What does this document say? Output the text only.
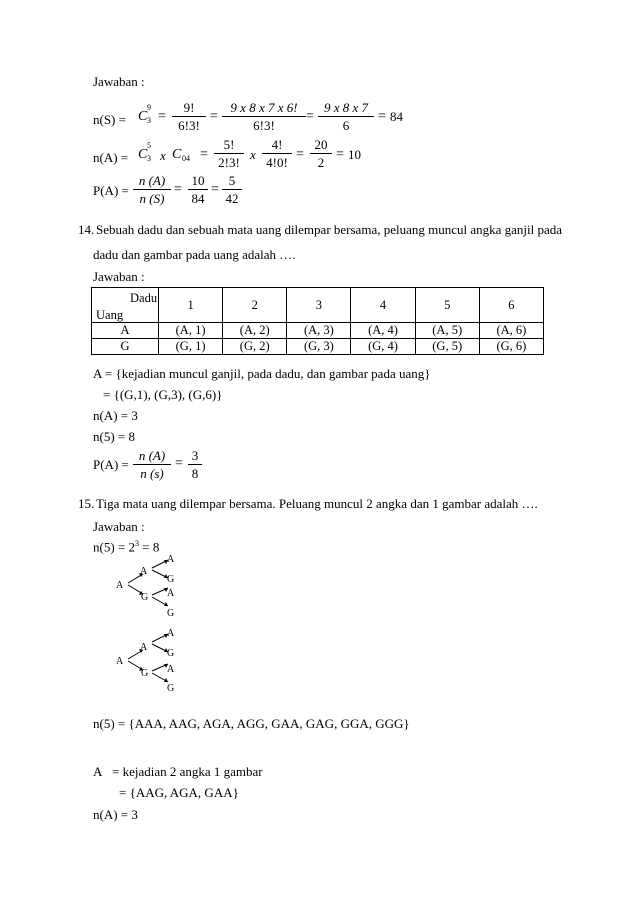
Jawaban :
n(S) = C
9
3 =
9!
6!3!
=
9 x 8 x 7 x 6!
6!3!
=
9 x 8 x 7
6
= 84
n(A) = C
5
3 x C 04 =
5!
2!3!
x
4!
4!0!
=
20
2
= 10
P(A) =
n (A)
n (S)
=
10
84
=
5
42
14. Sebuah dadu dan sebuah mata uang dilempar bersama, peluang muncul angka ganjil pada
dadu dan gambar pada uang adalah ….
Jawaban :
Dadu
Uang	1	2	3	4	5	6
A	(A, 1)	(A, 2)	(A, 3)	(A, 4)	(A, 5)	(A, 6)
G	(G, 1)	(G, 2)	(G, 3)	(G, 4)	(G, 5)	(G, 6)
A = {kejadian muncul ganjil, pada dadu, dan gambar pada uang}
= {(G,1), (G,3), (G,6)}
n(A) = 3
n(5) = 8
P(A) =
n (A)
n (s)
=
3
8
15. Tiga mata uang dilempar bersama. Peluang muncul 2 angka dan 1 gambar adalah ….
Jawaban :
$n(5) = 2^3 = 8$
A
A
G
A
G
A
G
A
A
G
A
G
A
G
n(5) = {AAA, AAG, AGA, AGG, GAA, GAG, GGA, GGG}
A = kejadian 2 angka 1 gambar
= {AAG, AGA, GAA}
n(A) = 3
